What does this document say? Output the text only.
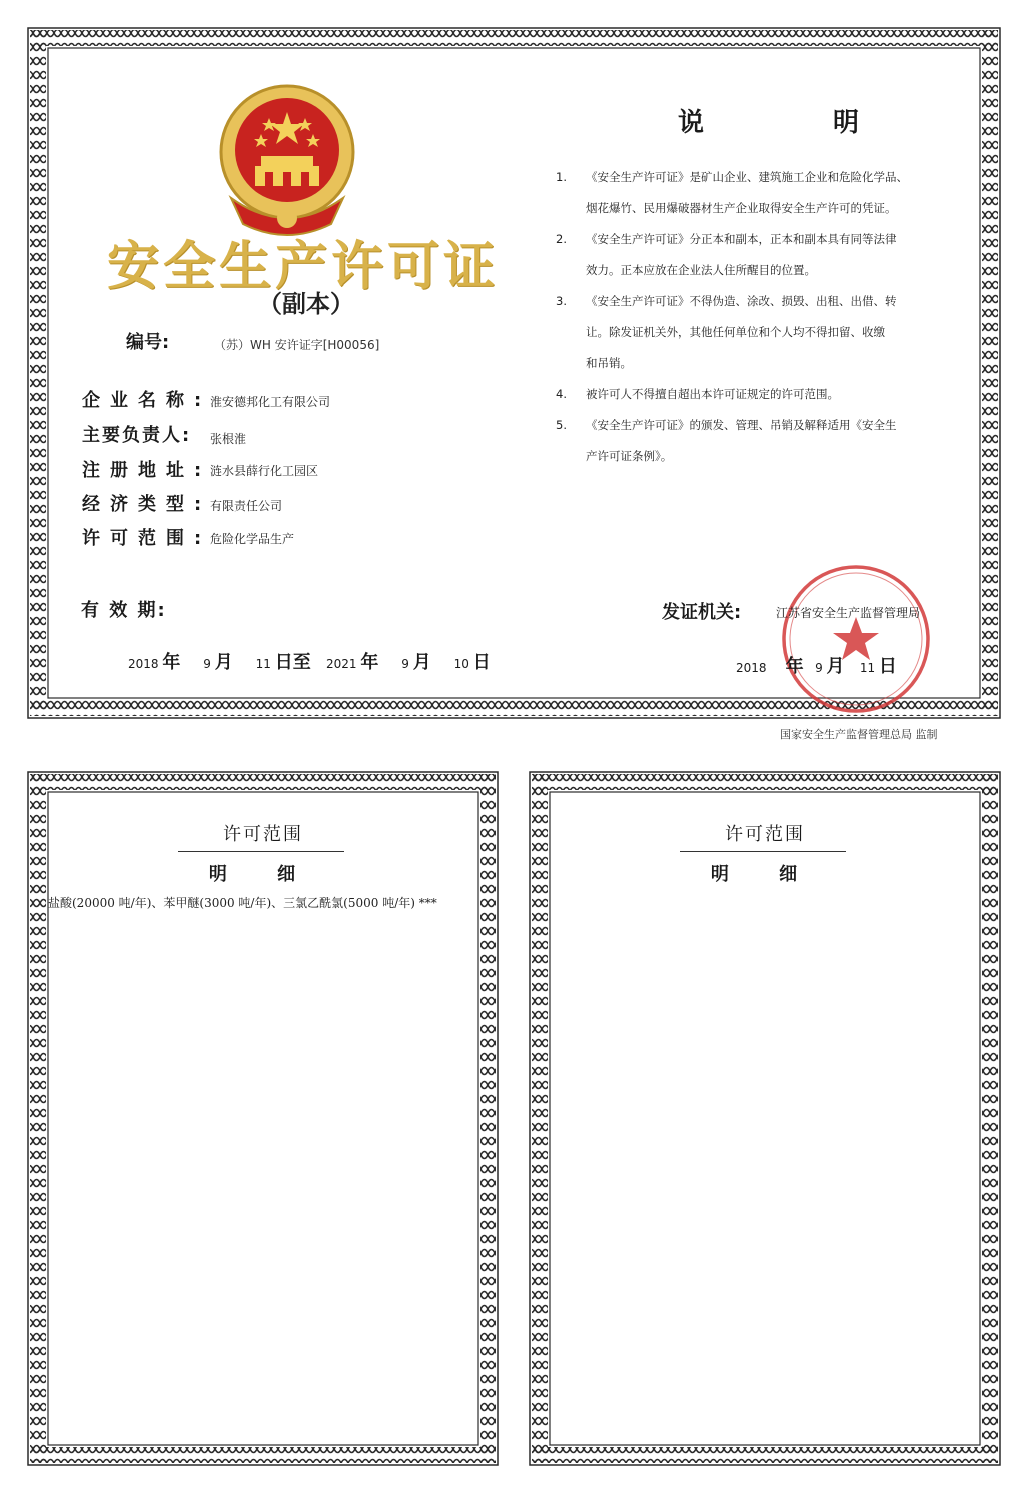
安全生产许可证
（副本）
编号:	（苏）WH 安许证字[H00056]
企业名称:
淮安德邦化工有限公司
主要负责人:	张根淮
注册地址:
涟水县薛行化工园区
经济类型:
有限责任公司
许可范围:
危险化学品生产
有 效 期:
2018 年 9 月 11 日至 2021 年 9 月 10 日
说 明
1. 《安全生产许可证》是矿山企业、建筑施工企业和危险化学品、
烟花爆竹、民用爆破器材生产企业取得安全生产许可的凭证。
2. 《安全生产许可证》分正本和副本，正本和副本具有同等法律
效力。正本应放在企业法人住所醒目的位置。
3. 《安全生产许可证》不得伪造、涂改、损毁、出租、出借、转
让。除发证机关外，其他任何单位和个人均不得扣留、收缴
和吊销。
4. 被许可人不得擅自超出本许可证规定的许可范围。
5. 《安全生产许可证》的颁发、管理、吊销及解释适用《安全生
产许可证条例》。
发证机关:	江苏省安全生产监督管理局
2018 年 9 月 11 日
国家安全生产监督管理总局 监制
许可范围
明 细
盐酸(20000 吨/年)、苯甲醚(3000 吨/年)、三氯乙酰氯(5000 吨/年) ***
许可范围
明 细
